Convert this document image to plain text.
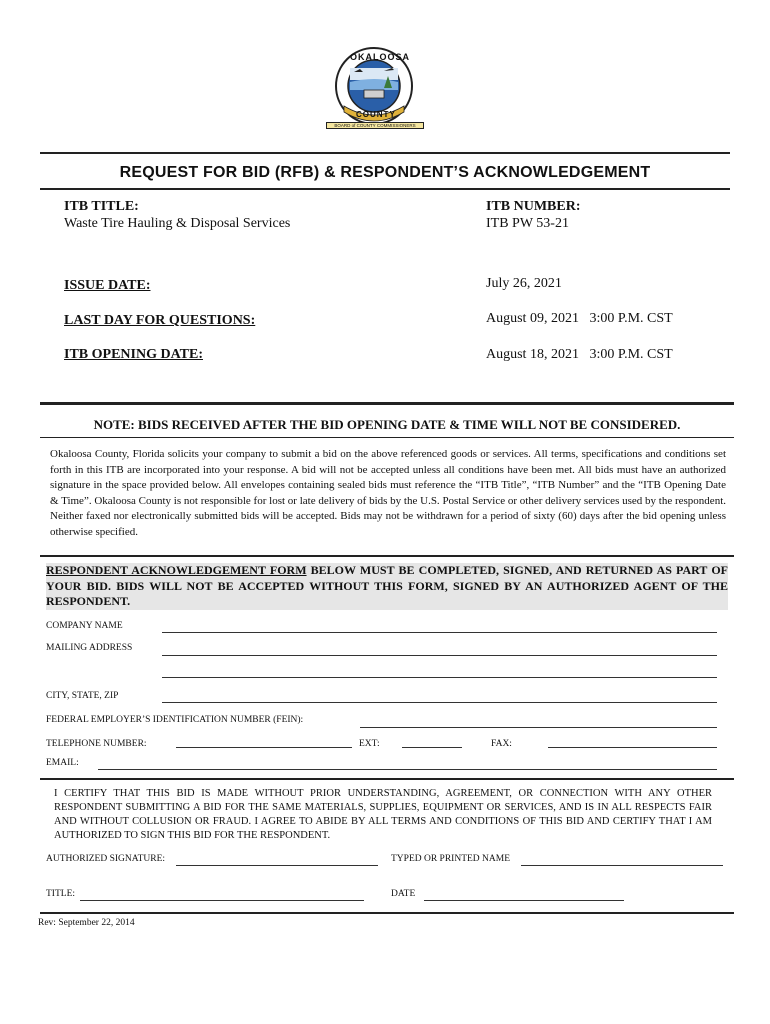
OKALOOSA
COUNTY
BOARD of COUNTY COMMISSIONERS
REQUEST FOR BID (RFB) & RESPONDENT’S ACKNOWLEDGEMENT
ITB TITLE:
Waste Tire Hauling & Disposal Services
ITB NUMBER:
ITB PW 53-21
ISSUE DATE:	July 26, 2021
LAST DAY FOR QUESTIONS:	August 09, 2021   3:00 P.M. CST
ITB OPENING DATE:	August 18, 2021   3:00 P.M. CST
NOTE: BIDS RECEIVED AFTER THE BID OPENING DATE & TIME WILL NOT BE CONSIDERED.
Okaloosa County, Florida solicits your company to submit a bid on the above referenced goods or services. All terms, specifications and conditions set forth in this ITB are incorporated into your response. A bid will not be accepted unless all conditions have been met. All bids must have an authorized signature in the space provided below. All envelopes containing sealed bids must reference the “ITB Title”, “ITB Number” and the “ITB Opening Date & Time”. Okaloosa County is not responsible for lost or late delivery of bids by the U.S. Postal Service or other delivery services used by the respondent. Neither faxed nor electronically submitted bids will be accepted. Bids may not be withdrawn for a period of sixty (60) days after the bid opening unless otherwise specified.
RESPONDENT ACKNOWLEDGEMENT FORM BELOW MUST BE COMPLETED, SIGNED, AND RETURNED AS PART OF YOUR BID. BIDS WILL NOT BE ACCEPTED WITHOUT THIS FORM, SIGNED BY AN AUTHORIZED AGENT OF THE RESPONDENT.
COMPANY NAME
MAILING ADDRESS
CITY, STATE, ZIP
FEDERAL EMPLOYER’S IDENTIFICATION NUMBER (FEIN):
TELEPHONE NUMBER:	EXT:	FAX:
EMAIL:
I CERTIFY THAT THIS BID IS MADE WITHOUT PRIOR UNDERSTANDING, AGREEMENT, OR CONNECTION WITH ANY OTHER RESPONDENT SUBMITTING A BID FOR THE SAME MATERIALS, SUPPLIES, EQUIPMENT OR SERVICES, AND IS IN ALL RESPECTS FAIR AND WITHOUT COLLUSION OR FRAUD. I AGREE TO ABIDE BY ALL TERMS AND CONDITIONS OF THIS BID AND CERTIFY THAT I AM AUTHORIZED TO SIGN THIS BID FOR THE RESPONDENT.
AUTHORIZED SIGNATURE:	TYPED OR PRINTED NAME
TITLE:	DATE
Rev: September 22, 2014
